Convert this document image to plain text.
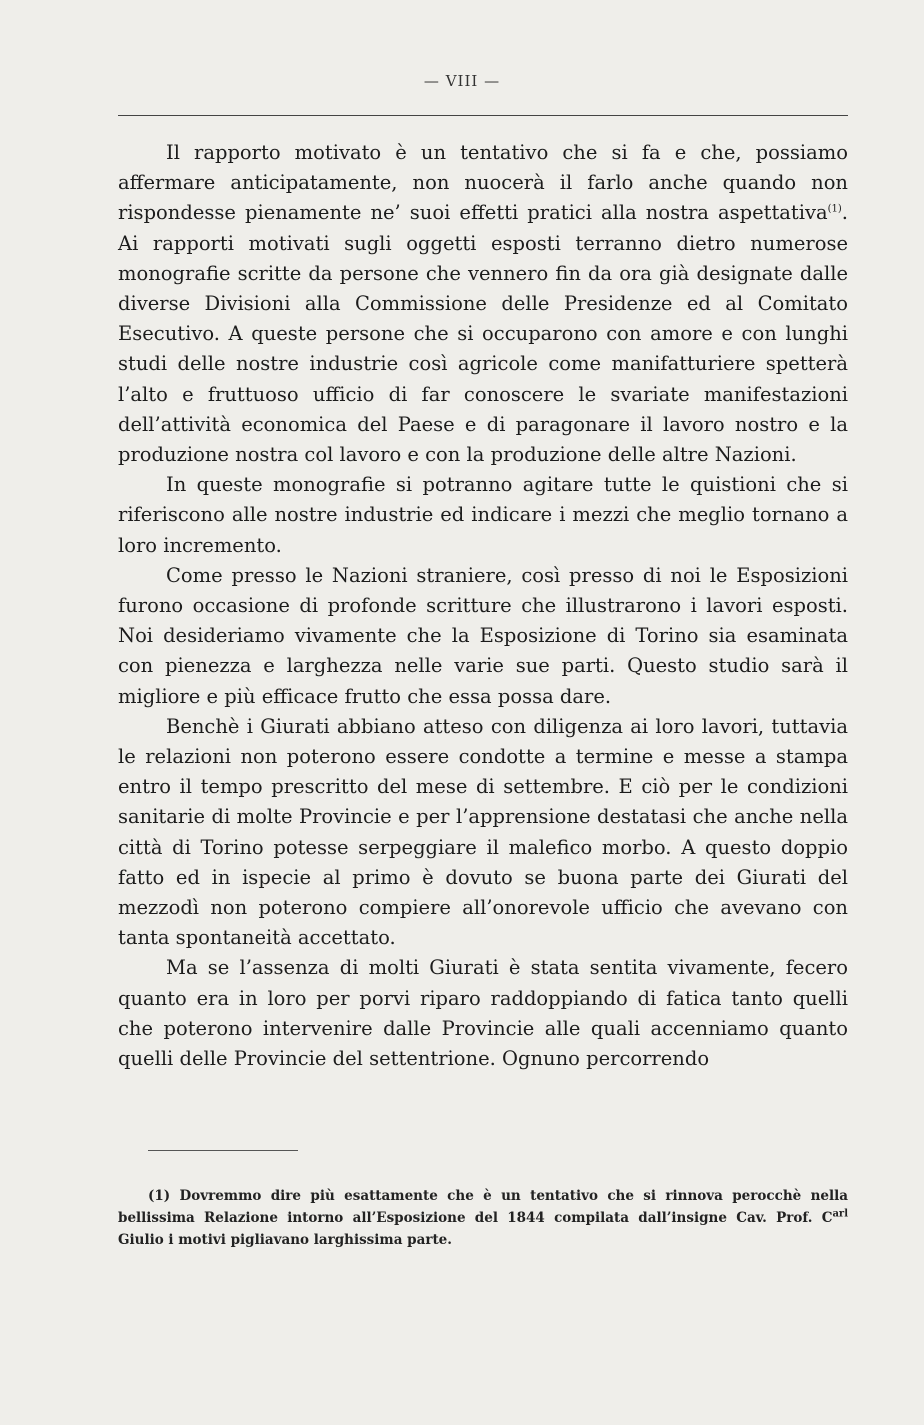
— VIII —

Il rapporto motivato è un tentativo che si fa e che, possiamo affermare anticipatamente, non nuocerà il farlo anche quando non rispondesse pienamente ne’ suoi effetti pratici alla nostra aspettativa$^{(1)}$. Ai rapporti motivati sugli oggetti esposti terranno dietro numerose monografie scritte da persone che vennero fin da ora già designate dalle diverse Divisioni alla Commissione delle Presidenze ed al Comitato Esecutivo. A queste persone che si occuparono con amore e con lunghi studi delle nostre industrie così agricole come manifatturiere spetterà l’alto e fruttuoso ufficio di far conoscere le svariate manifestazioni dell’attività economica del Paese e di paragonare il lavoro nostro e la produzione nostra col lavoro e con la produzione delle altre Nazioni.

In queste monografie si potranno agitare tutte le quistioni che si riferiscono alle nostre industrie ed indicare i mezzi che meglio tornano a loro incremento.

Come presso le Nazioni straniere, così presso di noi le Esposizioni furono occasione di profonde scritture che illustrarono i lavori esposti. Noi desideriamo vivamente che la Esposizione di Torino sia esaminata con pienezza e larghezza nelle varie sue parti. Questo studio sarà il migliore e più efficace frutto che essa possa dare.

Benchè i Giurati abbiano atteso con diligenza ai loro lavori, tuttavia le relazioni non poterono essere condotte a termine e messe a stampa entro il tempo prescritto del mese di settembre. E ciò per le condizioni sanitarie di molte Provincie e per l’apprensione destatasi che anche nella città di Torino potesse serpeggiare il malefico morbo. A questo doppio fatto ed in ispecie al primo è dovuto se buona parte dei Giurati del mezzodì non poterono compiere all’onorevole ufficio che avevano con tanta spontaneità accettato.

Ma se l’assenza di molti Giurati è stata sentita vivamente, fecero quanto era in loro per porvi riparo raddoppiando di fatica tanto quelli che poterono intervenire dalle Provincie alle quali accenniamo quanto quelli delle Provincie del settentrione. Ognuno percorrendo

(1) Dovremmo dire più esattamente che è un tentativo che si rinnova perocchè nella bellissima Relazione intorno all’Esposizione del 1844 compilata dall’insigne Cav. Prof. $C^{arl}$ Giulio i motivi pigliavano larghissima parte.
